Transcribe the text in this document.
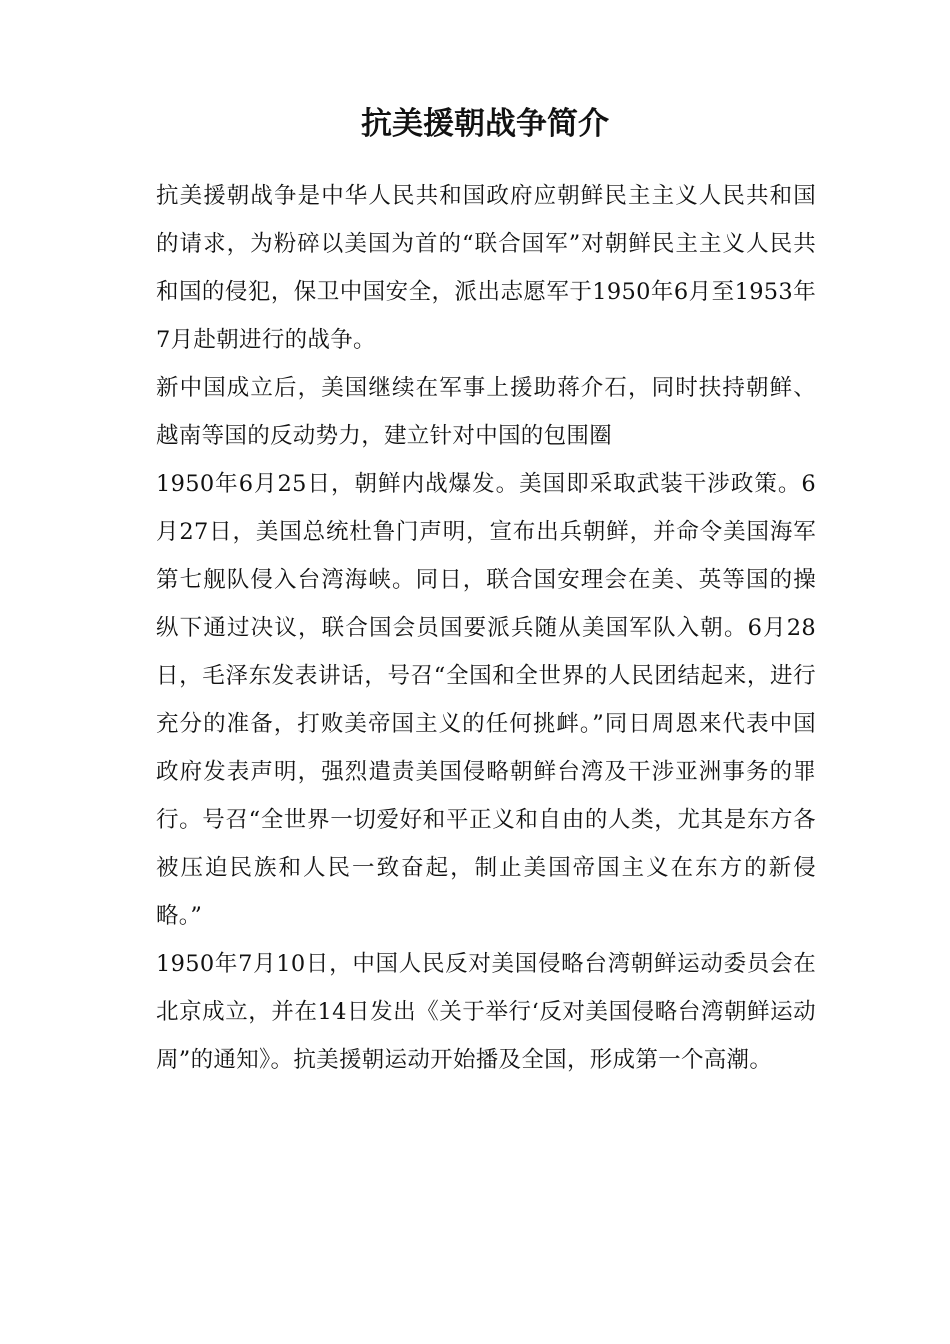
抗美援朝战争简介

抗美援朝战争是中华人民共和国政府应朝鲜民主主义人民共和国的请求，为粉碎以美国为首的“联合国军”对朝鲜民主主义人民共和国的侵犯，保卫中国安全，派出志愿军于1950年6月至1953年7月赴朝进行的战争。

新中国成立后，美国继续在军事上援助蒋介石，同时扶持朝鲜、越南等国的反动势力，建立针对中国的包围圈

1950年6月25日，朝鲜内战爆发。美国即采取武装干涉政策。6月27日，美国总统杜鲁门声明，宣布出兵朝鲜，并命令美国海军第七舰队侵入台湾海峡。同日，联合国安理会在美、英等国的操纵下通过决议，联合国会员国要派兵随从美国军队入朝。6月28日，毛泽东发表讲话，号召“全国和全世界的人民团结起来，进行充分的准备，打败美帝国主义的任何挑衅。”同日周恩来代表中国政府发表声明，强烈遣责美国侵略朝鲜台湾及干涉亚洲事务的罪行。号召“全世界一切爱好和平正义和自由的人类，尤其是东方各被压迫民族和人民一致奋起，制止美国帝国主义在东方的新侵略。”

1950年7月10日，中国人民反对美国侵略台湾朝鲜运动委员会在北京成立，并在14日发出《关于举行‘反对美国侵略台湾朝鲜运动周”的通知》。抗美援朝运动开始播及全国，形成第一个高潮。
